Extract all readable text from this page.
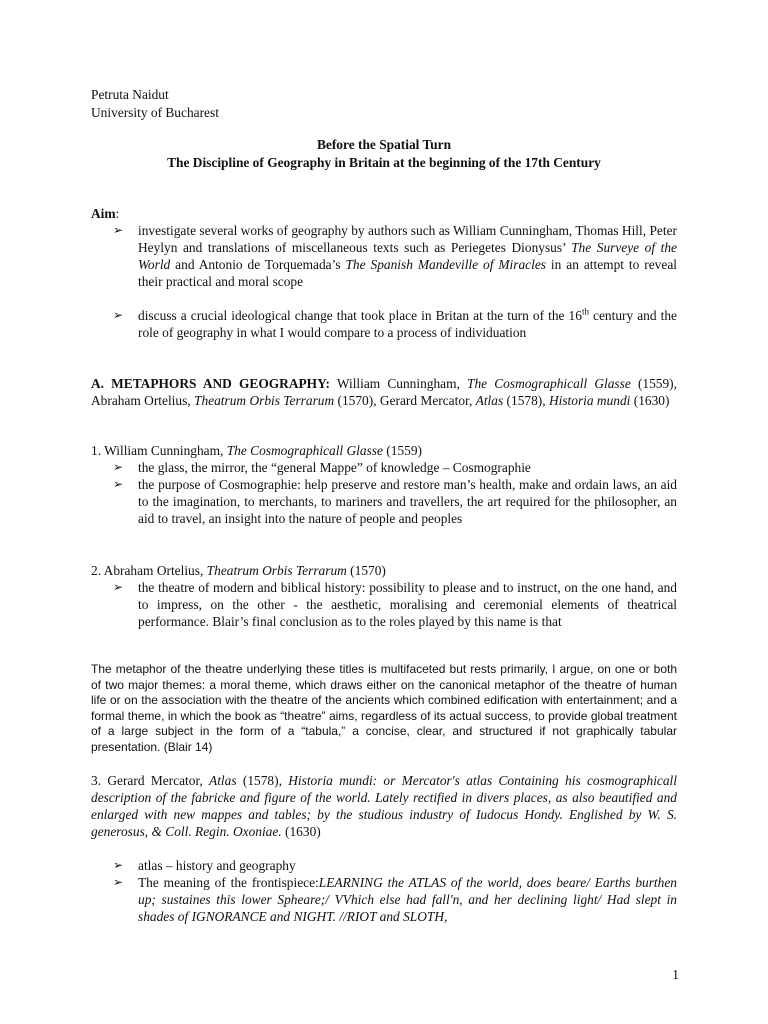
Petruta Naidut
University of Bucharest
Before the Spatial Turn
The Discipline of Geography in Britain at the beginning of the 17th Century
Aim:
➢ investigate several works of geography by authors such as William Cunningham, Thomas Hill, Peter Heylyn and translations of miscellaneous texts such as Periegetes Dionysus’ The Surveye of the World and Antonio de Torquemada’s The Spanish Mandeville of Miracles in an attempt to reveal their practical and moral scope
➢ discuss a crucial ideological change that took place in Britan at the turn of the 16th century and the role of geography in what I would compare to a process of individuation
A. METAPHORS AND GEOGRAPHY: William Cunningham, The Cosmographicall Glasse (1559), Abraham Ortelius, Theatrum Orbis Terrarum (1570), Gerard Mercator, Atlas (1578), Historia mundi (1630)
1. William Cunningham, The Cosmographicall Glasse (1559)
➢ the glass, the mirror, the “general Mappe” of knowledge – Cosmographie
➢ the purpose of Cosmographie: help preserve and restore man’s health, make and ordain laws, an aid to the imagination, to merchants, to mariners and travellers, the art required for the philosopher, an aid to travel, an insight into the nature of people and peoples
2. Abraham Ortelius, Theatrum Orbis Terrarum (1570)
➢ the theatre of modern and biblical history: possibility to please and to instruct, on the one hand, and to impress, on the other - the aesthetic, moralising and ceremonial elements of theatrical performance. Blair’s final conclusion as to the roles played by this name is that
The metaphor of the theatre underlying these titles is multifaceted but rests primarily, I argue, on one or both of two major themes: a moral theme, which draws either on the canonical metaphor of the theatre of human life or on the association with the theatre of the ancients which combined edification with entertainment; and a formal theme, in which the book as “theatre” aims, regardless of its actual success, to provide global treatment of a large subject in the form of a “tabula,” a concise, clear, and structured if not graphically tabular presentation. (Blair 14)
3. Gerard Mercator, Atlas (1578), Historia mundi: or Mercator's atlas Containing his cosmographicall description of the fabricke and figure of the world. Lately rectified in divers places, as also beautified and enlarged with new mappes and tables; by the studious industry of Iudocus Hondy. Englished by W. S. generosus, & Coll. Regin. Oxoniae. (1630)
➢ atlas – history and geography
➢ The meaning of the frontispiece:LEARNING the ATLAS of the world, does beare/ Earths burthen up; sustaines this lower Spheare;/ VVhich else had fall'n, and her declining light/ Had slept in shades of IGNORANCE and NIGHT. //RIOT and SLOTH,
1
